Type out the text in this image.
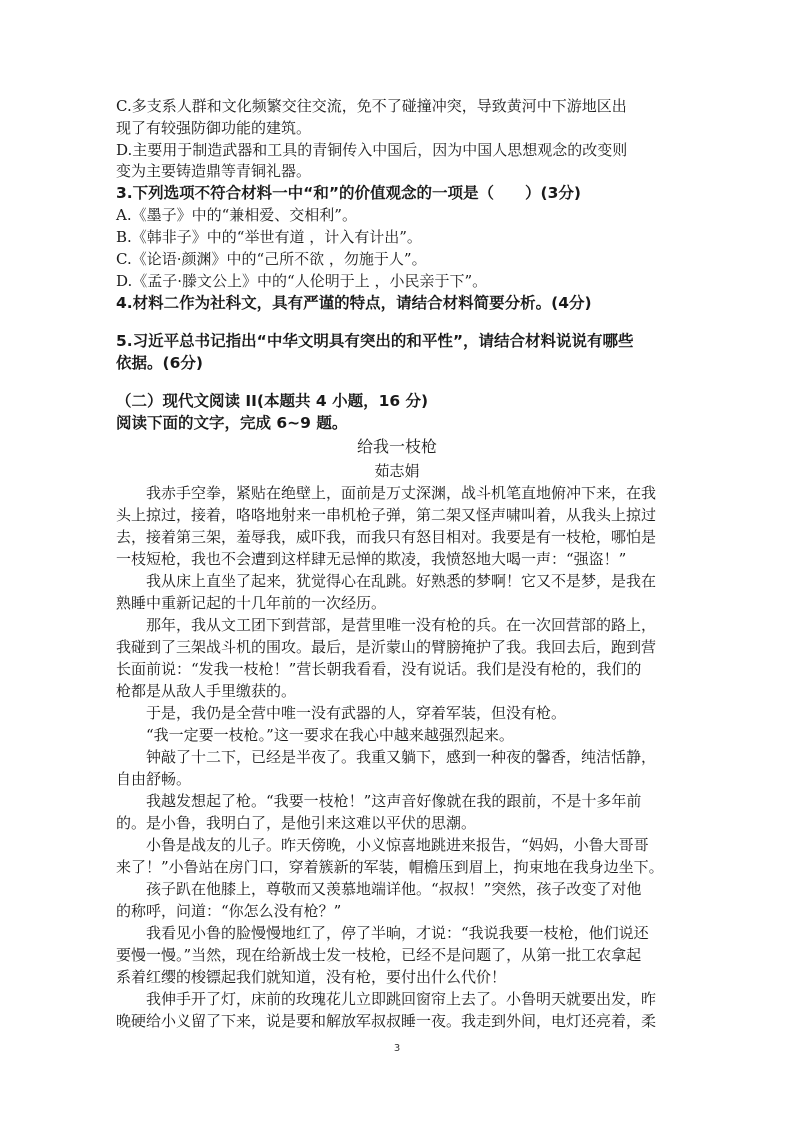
C.多支系人群和文化频繁交往交流，免不了碰撞冲突，导致黄河中下游地区出
现了有较强防御功能的建筑。
D.主要用于制造武器和工具的青铜传入中国后，因为中国人思想观念的改变则
变为主要铸造鼎等青铜礼器。
3.下列选项不符合材料一中“和”的价值观念的一项是（　　）(3分)
A.《墨子》中的“兼相爱、交相利”。
B.《韩非子》中的“举世有道 ，计入有计出”。
C.《论语·颜渊》中的“己所不欲 ，勿施于人”。
D.《孟子·滕文公上》中的“人伦明于上 ，小民亲于下”。
4.材料二作为社科文，具有严谨的特点，请结合材料简要分析。(4分)
5.习近平总书记指出“中华文明具有突出的和平性”，请结合材料说说有哪些
依据。(6分)
（二）现代文阅读 II(本题共 4 小题，16 分)
阅读下面的文字，完成 6~9 题。
给我一枝枪
茹志娟
　　我赤手空拳，紧贴在绝壁上，面前是万丈深渊，战斗机笔直地俯冲下来，在我
头上掠过，接着，咯咯地射来一串机枪子弹，第二架又怪声啸叫着，从我头上掠过
去，接着第三架，羞辱我，威吓我，而我只有怒目相对。我要是有一枝枪，哪怕是
一枝短枪，我也不会遭到这样肆无忌惮的欺凌，我愤怒地大喝一声：“强盗！”
　　我从床上直坐了起来，犹觉得心在乱跳。好熟悉的梦啊！它又不是梦，是我在
熟睡中重新记起的十几年前的一次经历。
　　那年，我从文工团下到营部，是营里唯一没有枪的兵。在一次回营部的路上，
我碰到了三架战斗机的围攻。最后，是沂蒙山的臂膀掩护了我。我回去后，跑到营
长面前说：“发我一枝枪！”营长朝我看看，没有说话。我们是没有枪的，我们的
枪都是从敌人手里缴获的。
　　于是，我仍是全营中唯一没有武器的人，穿着军装，但没有枪。
　　“我一定要一枝枪。”这一要求在我心中越来越强烈起来。
　　钟敲了十二下，已经是半夜了。我重又躺下，感到一种夜的馨香，纯洁恬静，
自由舒畅。
　　我越发想起了枪。“我要一枝枪！”这声音好像就在我的跟前，不是十多年前
的。是小鲁，我明白了，是他引来这难以平伏的思潮。
　　小鲁是战友的儿子。昨天傍晚，小义惊喜地跳进来报告，“妈妈，小鲁大哥哥
来了！”小鲁站在房门口，穿着簇新的军装，帽檐压到眉上，拘束地在我身边坐下。
　　孩子趴在他膝上，尊敬而又羡慕地端详他。“叔叔！”突然，孩子改变了对他
的称呼，问道：“你怎么没有枪？”
　　我看见小鲁的脸慢慢地红了，停了半晌，才说：“我说我要一枝枪，他们说还
要慢一慢。”当然，现在给新战士发一枝枪，已经不是问题了，从第一批工农拿起
系着红缨的梭镖起我们就知道，没有枪，要付出什么代价！
　　我伸手开了灯，床前的玫瑰花儿立即跳回窗帘上去了。小鲁明天就要出发，昨
晚硬给小义留了下来，说是要和解放军叔叔睡一夜。我走到外间，电灯还亮着，柔
3
